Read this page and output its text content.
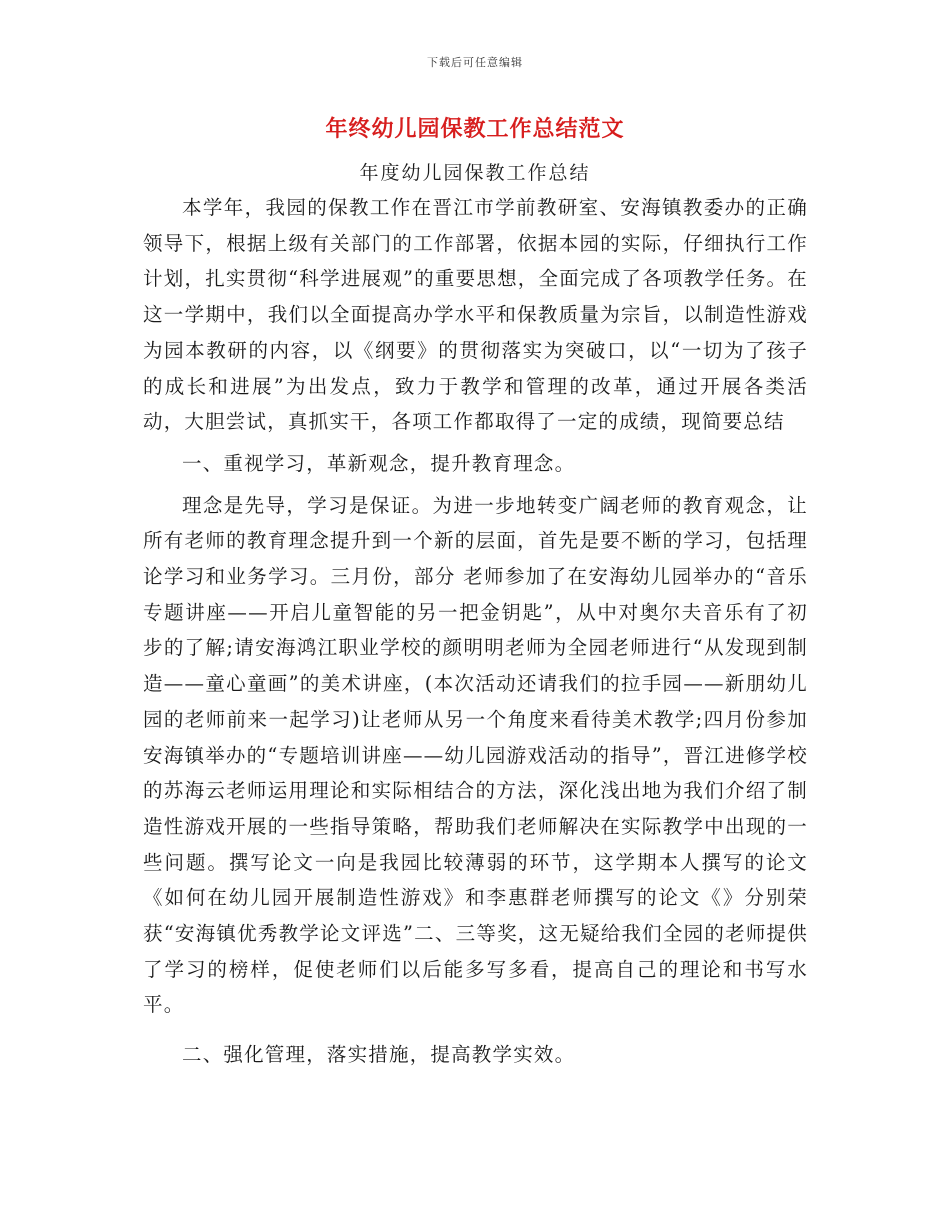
下载后可任意编辑
年终幼儿园保教工作总结范文
年度幼儿园保教工作总结

本学年，我园的保教工作在晋江市学前教研室、安海镇教委办的正确领导下，根据上级有关部门的工作部署，依据本园的实际，仔细执行工作计划，扎实贯彻“科学进展观”的重要思想，全面完成了各项教学任务。在这一学期中，我们以全面提高办学水平和保教质量为宗旨，以制造性游戏为园本教研的内容，以《纲要》的贯彻落实为突破口，以“一切为了孩子的成长和进展”为出发点，致力于教学和管理的改革，通过开展各类活动，大胆尝试，真抓实干，各项工作都取得了一定的成绩，现简要总结

一、重视学习，革新观念，提升教育理念。

理念是先导，学习是保证。为进一步地转变广阔老师的教育观念，让所有老师的教育理念提升到一个新的层面，首先是要不断的学习，包括理论学习和业务学习。三月份，部分 老师参加了在安海幼儿园举办的“音乐专题讲座——开启儿童智能的另一把金钥匙”，从中对奥尔夫音乐有了初步的了解;请安海鸿江职业学校的颜明明老师为全园老师进行“从发现到制造——童心童画”的美术讲座，(本次活动还请我们的拉手园——新朋幼儿园的老师前来一起学习)让老师从另一个角度来看待美术教学;四月份参加安海镇举办的“专题培训讲座——幼儿园游戏活动的指导”，晋江进修学校的苏海云老师运用理论和实际相结合的方法，深化浅出地为我们介绍了制造性游戏开展的一些指导策略，帮助我们老师解决在实际教学中出现的一些问题。撰写论文一向是我园比较薄弱的环节，这学期本人撰写的论文《如何在幼儿园开展制造性游戏》和李惠群老师撰写的论文《》分别荣获“安海镇优秀教学论文评选”二、三等奖，这无疑给我们全园的老师提供了学习的榜样，促使老师们以后能多写多看，提高自己的理论和书写水平。

二、强化管理，落实措施，提高教学实效。
